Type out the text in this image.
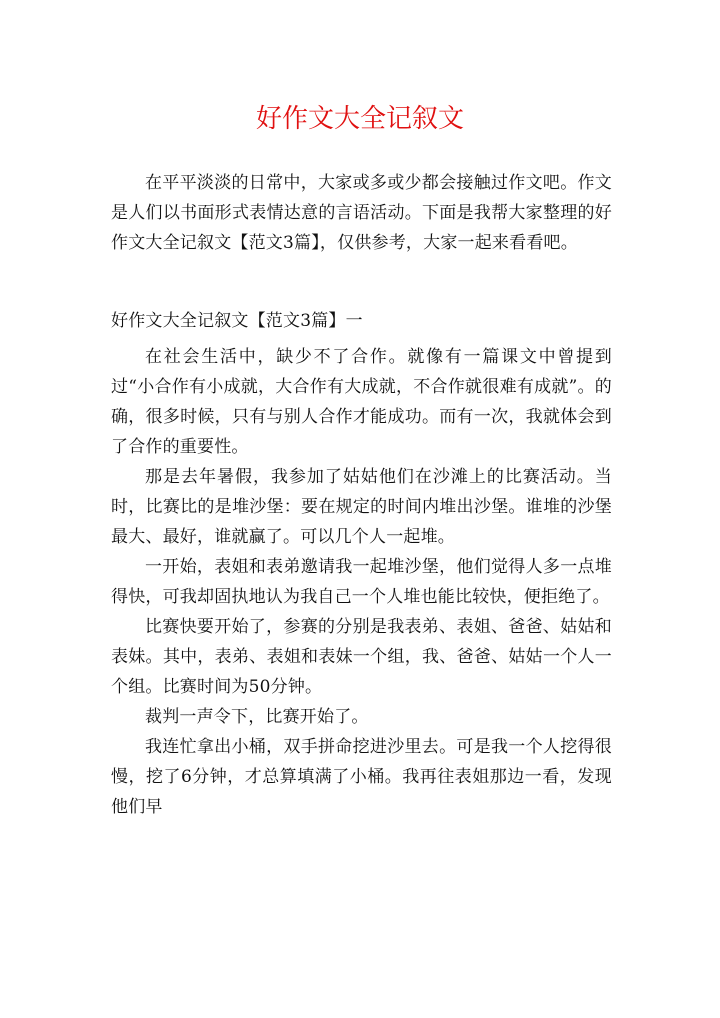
好作文大全记叙文

在平平淡淡的日常中，大家或多或少都会接触过作文吧。作文是人们以书面形式表情达意的言语活动。下面是我帮大家整理的好作文大全记叙文【范文3篇】，仅供参考，大家一起来看看吧。

好作文大全记叙文【范文3篇】一

在社会生活中，缺少不了合作。就像有一篇课文中曾提到过“小合作有小成就，大合作有大成就，不合作就很难有成就”。的确，很多时候，只有与别人合作才能成功。而有一次，我就体会到了合作的重要性。

那是去年暑假，我参加了姑姑他们在沙滩上的比赛活动。当时，比赛比的是堆沙堡：要在规定的时间内堆出沙堡。谁堆的沙堡最大、最好，谁就赢了。可以几个人一起堆。

一开始，表姐和表弟邀请我一起堆沙堡，他们觉得人多一点堆得快，可我却固执地认为我自己一个人堆也能比较快，便拒绝了。

比赛快要开始了，参赛的分别是我表弟、表姐、爸爸、姑姑和表妹。其中，表弟、表姐和表妹一个组，我、爸爸、姑姑一个人一个组。比赛时间为50分钟。

裁判一声令下，比赛开始了。

我连忙拿出小桶，双手拼命挖进沙里去。可是我一个人挖得很慢，挖了6分钟，才总算填满了小桶。我再往表姐那边一看，发现他们早
